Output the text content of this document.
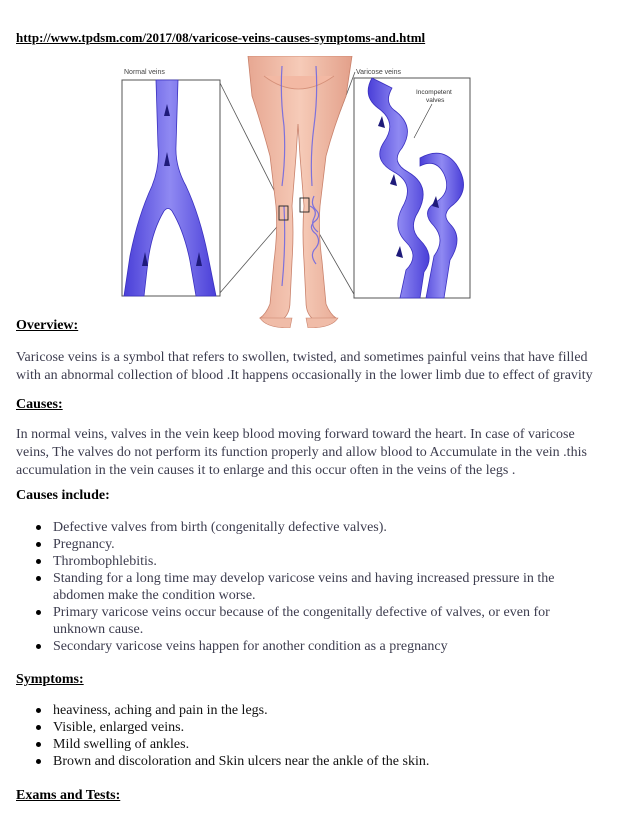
http://www.tpdsm.com/2017/08/varicose-veins-causes-symptoms-and.html
Normal veins	Varicose veins
Incompetent
valves
Overview:

Varicose veins is a symbol that refers to swollen, twisted, and sometimes painful veins that have filled
with an abnormal collection of blood .It happens occasionally in the lower limb due to effect of gravity

Causes:

In normal veins, valves in the vein keep blood moving forward toward the heart. In case of varicose
veins, The valves do not perform its function properly and allow blood to Accumulate in the vein .this
accumulation in the vein causes it to enlarge and this occur often in the veins of the legs .

Causes include:
Defective valves from birth (congenitally defective valves).
Pregnancy.
Thrombophlebitis.
Standing for a long time may develop varicose veins and having increased pressure in the
abdomen make the condition worse.
Primary varicose veins occur because of the congenitally defective of valves, or even for
unknown cause.
Secondary varicose veins happen for another condition as a pregnancy
Symptoms:
heaviness, aching and pain in the legs.
Visible, enlarged veins.
Mild swelling of ankles.
Brown and discoloration and Skin ulcers near the ankle of the skin.
Exams and Tests:
